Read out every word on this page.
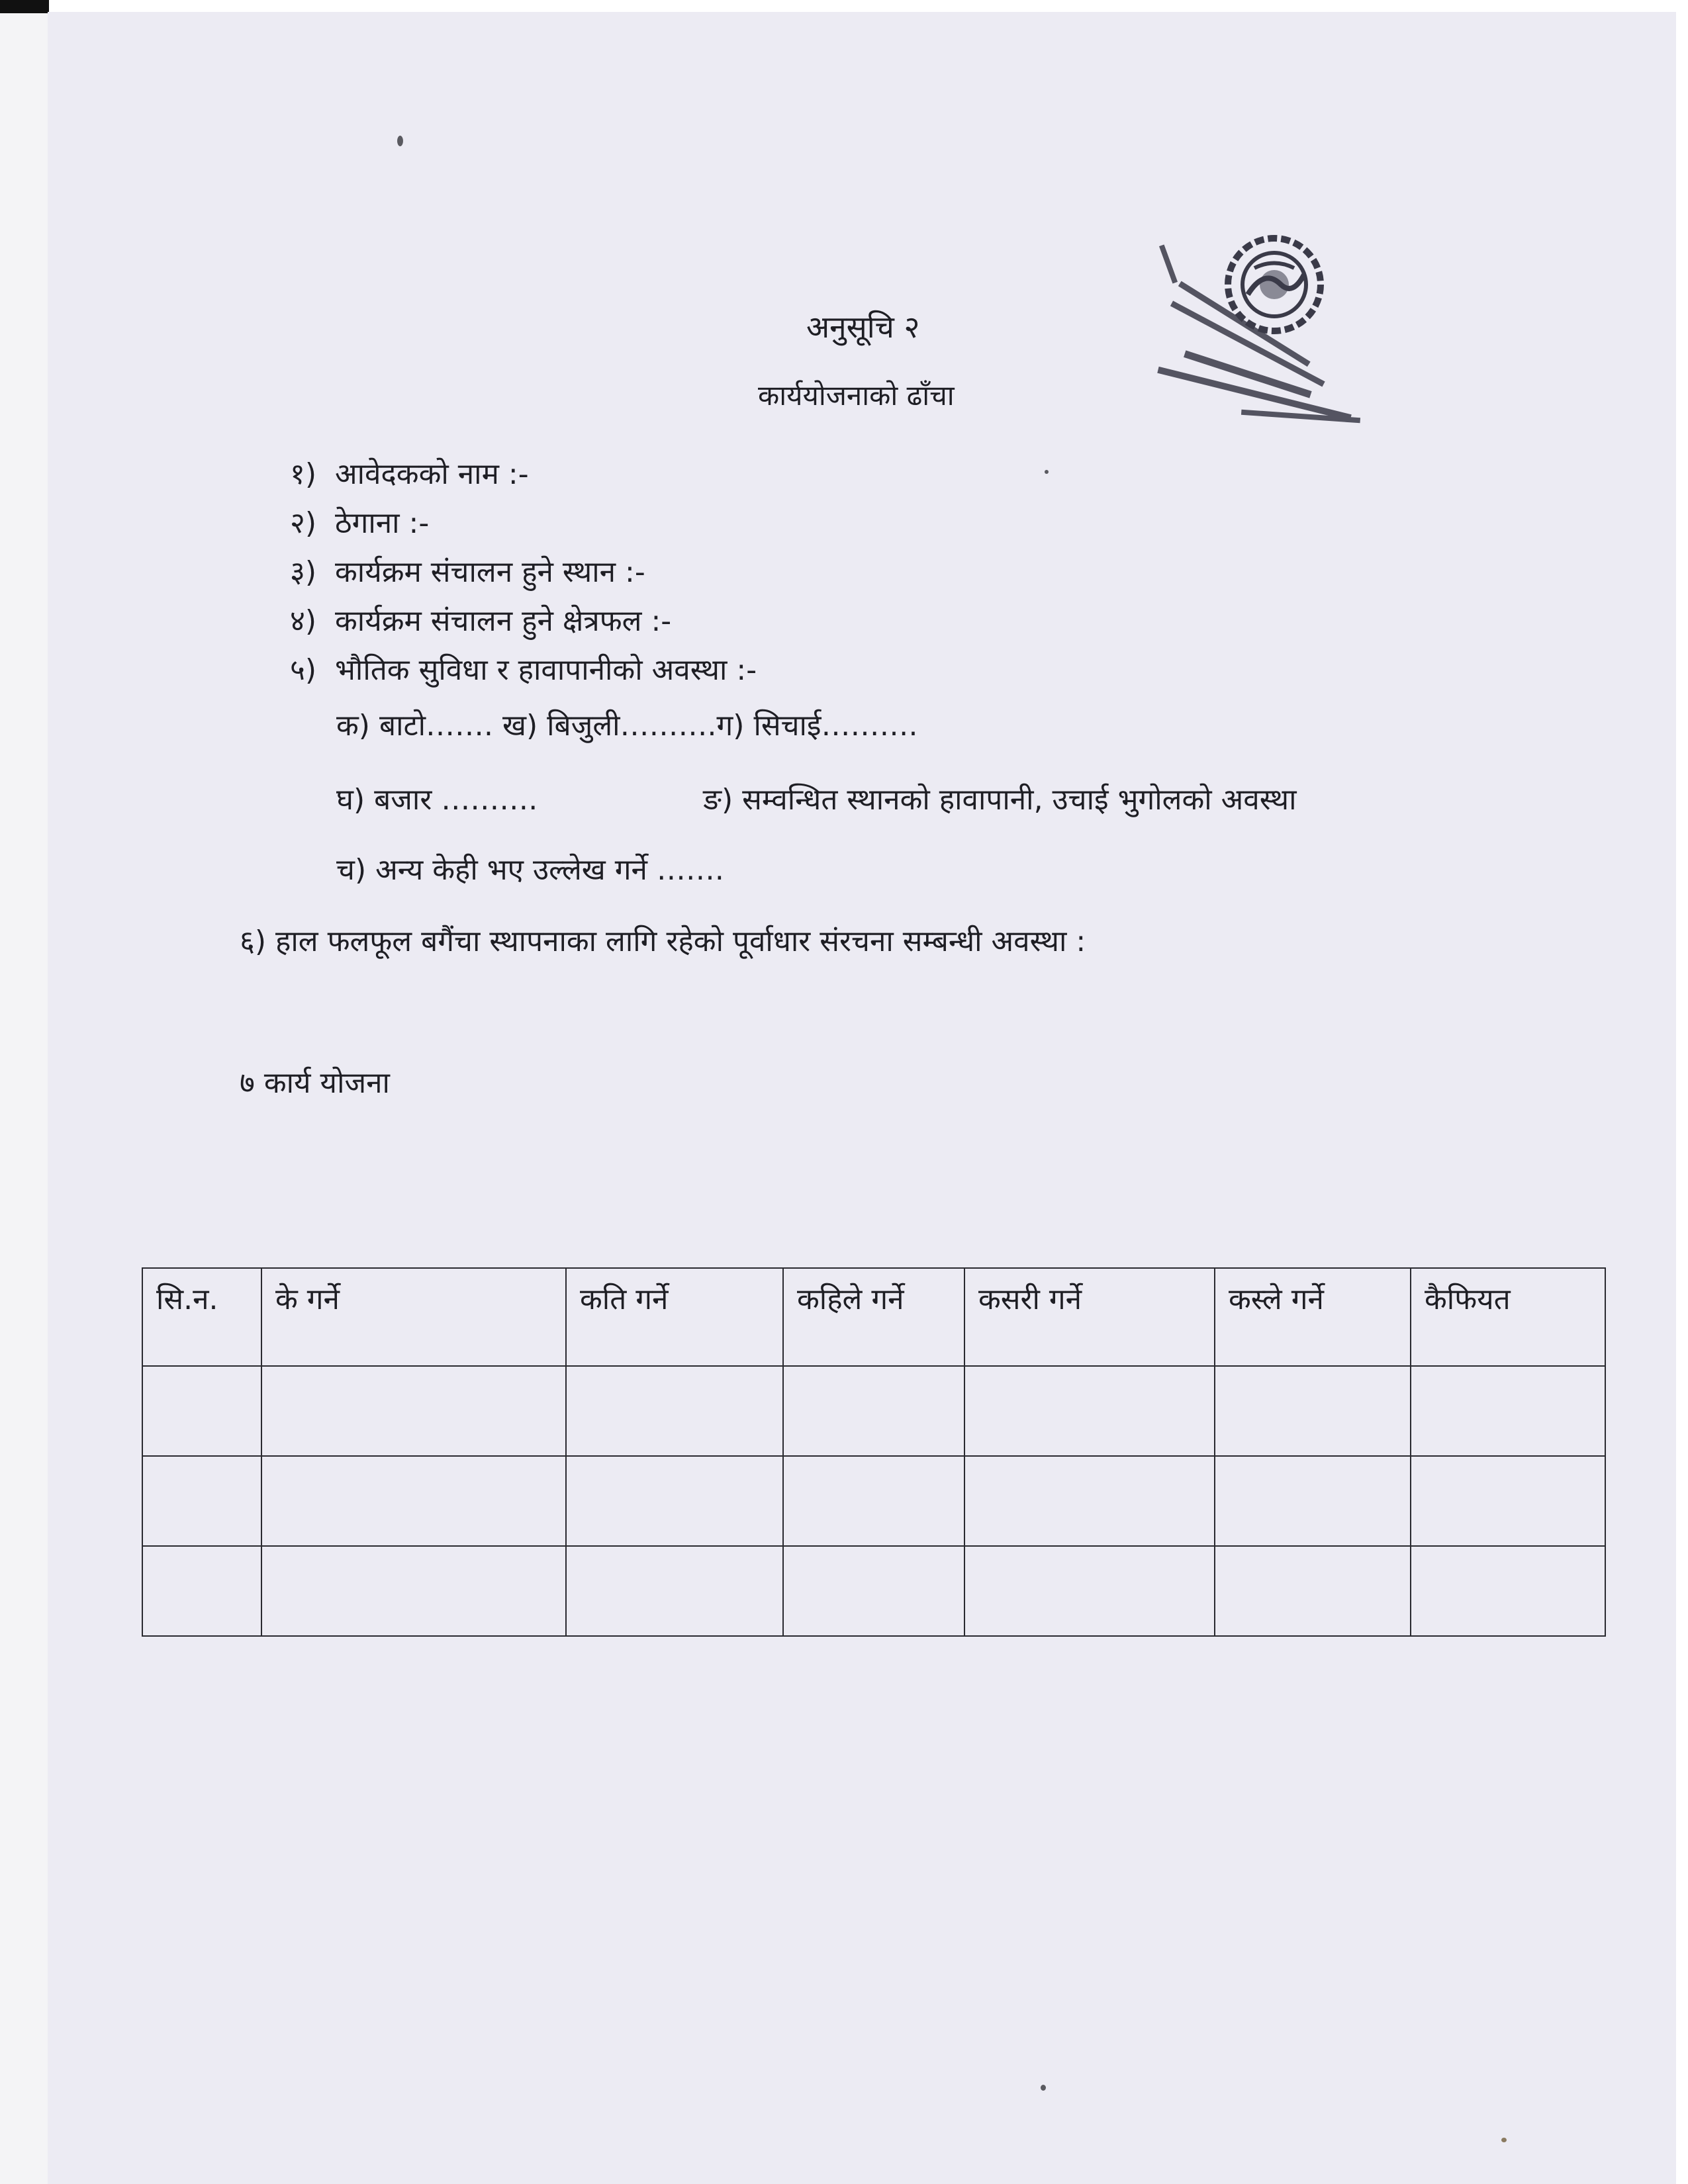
अनुसूचि २
कार्ययोजनाको ढाँचा
१) आवेदकको नाम :-
२) ठेगाना :-
३) कार्यक्रम संचालन हुने स्थान :-
४) कार्यक्रम संचालन हुने क्षेत्रफल :-
५) भौतिक सुविधा र हावापानीको अवस्था :-
क) बाटो……. ख) बिजुली……….ग) सिचाई……….
घ) बजार ……….	ङ) सम्वन्धित स्थानको हावापानी, उचाई भुगोलको अवस्था
च) अन्य केही भए उल्लेख गर्ने …….
६) हाल फलफूल बगैंचा स्थापनाका लागि रहेको पूर्वाधार संरचना सम्बन्धी अवस्था :
७ कार्य योजना
सि.न.	के गर्ने	कति गर्ने	कहिले गर्ने	कसरी गर्ने	कस्ले गर्ने	कैफियत
